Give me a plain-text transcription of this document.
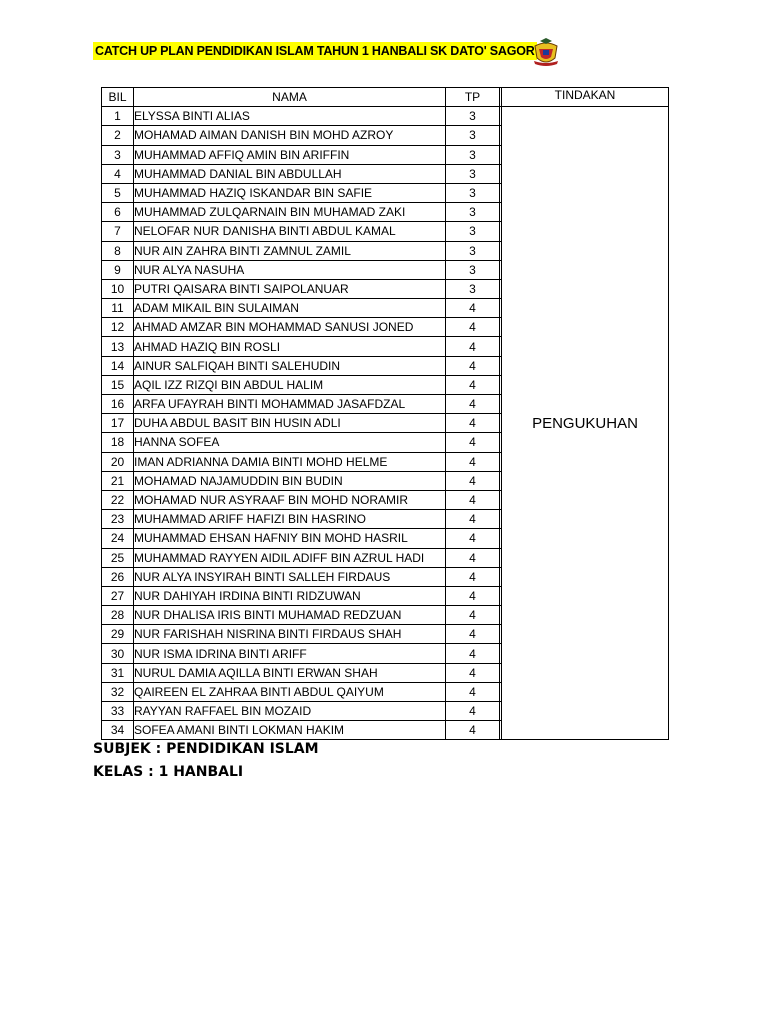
CATCH UP PLAN PENDIDIKAN ISLAM TAHUN 1 HANBALI SK DATO' SAGOR
BIL	NAMA	TP		TINDAKAN
1	ELYSSA BINTI ALIAS	3		PENGUKUHAN
2	MOHAMAD AIMAN DANISH BIN MOHD AZROY	3		
3	MUHAMMAD AFFIQ AMIN BIN ARIFFIN	3		
4	MUHAMMAD DANIAL BIN ABDULLAH	3		
5	MUHAMMAD HAZIQ ISKANDAR BIN SAFIE	3		
6	MUHAMMAD ZULQARNAIN BIN MUHAMAD ZAKI	3		
7	NELOFAR NUR DANISHA BINTI ABDUL KAMAL	3		
8	NUR AIN ZAHRA BINTI ZAMNUL ZAMIL	3		
9	NUR ALYA NASUHA	3		
10	PUTRI QAISARA BINTI SAIPOLANUAR	3		
11	ADAM MIKAIL BIN SULAIMAN	4		
12	AHMAD AMZAR BIN MOHAMMAD SANUSI JONED	4		
13	AHMAD HAZIQ BIN ROSLI	4		
14	AINUR SALFIQAH BINTI SALEHUDIN	4		
15	AQIL IZZ RIZQI BIN ABDUL HALIM	4		
16	ARFA UFAYRAH BINTI MOHAMMAD JASAFDZAL	4		
17	DUHA ABDUL BASIT BIN HUSIN ADLI	4		
18	HANNA SOFEA	4		
20	IMAN ADRIANNA DAMIA BINTI MOHD HELME	4		
21	MOHAMAD NAJAMUDDIN BIN BUDIN	4		
22	MOHAMAD NUR ASYRAAF BIN MOHD NORAMIR	4		
23	MUHAMMAD ARIFF HAFIZI BIN HASRINO	4		
24	MUHAMMAD EHSAN HAFNIY BIN MOHD HASRIL	4		
25	MUHAMMAD RAYYEN AIDIL ADIFF BIN AZRUL HADI	4		
26	NUR ALYA INSYIRAH BINTI SALLEH FIRDAUS	4		
27	NUR DAHIYAH IRDINA BINTI RIDZUWAN	4		
28	NUR DHALISA IRIS BINTI MUHAMAD REDZUAN	4		
29	NUR FARISHAH NISRINA BINTI FIRDAUS SHAH	4		
30	NUR ISMA IDRINA BINTI ARIFF	4		
31	NURUL DAMIA AQILLA BINTI ERWAN SHAH	4		
32	QAIREEN EL ZAHRAA BINTI ABDUL QAIYUM	4		
33	RAYYAN RAFFAEL BIN MOZAID	4		
34	SOFEA AMANI BINTI LOKMAN HAKIM	4		
SUBJEK : PENDIDIKAN ISLAM
KELAS : 1 HANBALI
